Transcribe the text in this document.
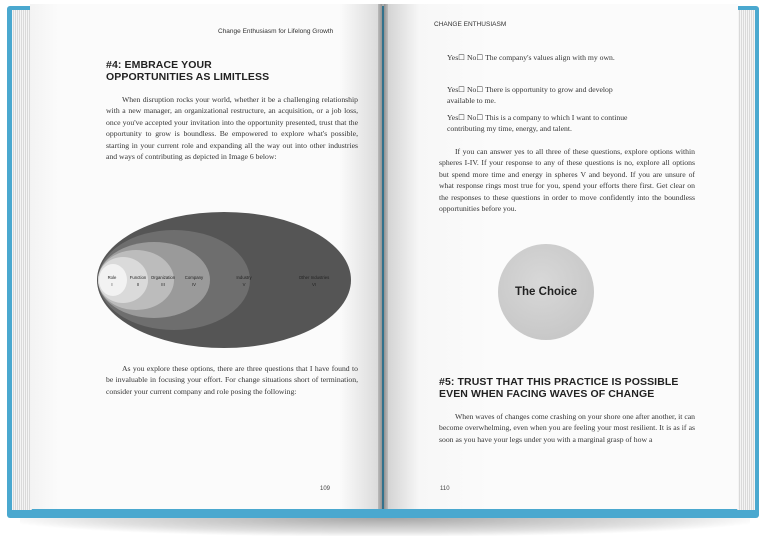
Change Enthusiasm for Lifelong Growth
#4: EMBRACE YOUR
OPPORTUNITIES AS LIMITLESS

When disruption rocks your world, whether it be a challenging relationship with a new manager, an organizational restructure, an acquisition, or a job loss, once you've accepted your invitation into the opportunity presented, trust that the opportunity to grow is boundless. Be empowered to explore what's possible, starting in your current role and expanding all the way out into other industries and ways of contributing as depicted in Image 6 below:

Role
I
Function
II
Organization
III
Company
IV
Industry
V
Other Industries
VI

As you explore these options, there are three questions that I have found to be invaluable in focusing your effort. For change situations short of termination, consider your current company and role posing the following:

109
CHANGE ENTHUSIASM
Yes☐ No☐ The company's values align with my own.
Yes☐ No☐ There is opportunity to grow and develop available to me.
Yes☐ No☐ This is a company to which I want to continue contributing my time, energy, and talent.

If you can answer yes to all three of these questions, explore options within spheres I-IV. If your response to any of these questions is no, explore all options but spend more time and energy in spheres V and beyond. If you are unsure of what response rings most true for you, spend your efforts there first. Get clear on the responses to these questions in order to move confidently into the boundless opportunities before you.

The Choice
#5: TRUST THAT THIS PRACTICE IS POSSIBLE
EVEN WHEN FACING WAVES OF CHANGE

When waves of changes come crashing on your shore one after another, it can become overwhelming, even when you are feeling your most resilient. It is as if as soon as you have your legs under you with a marginal grasp of how a

110
